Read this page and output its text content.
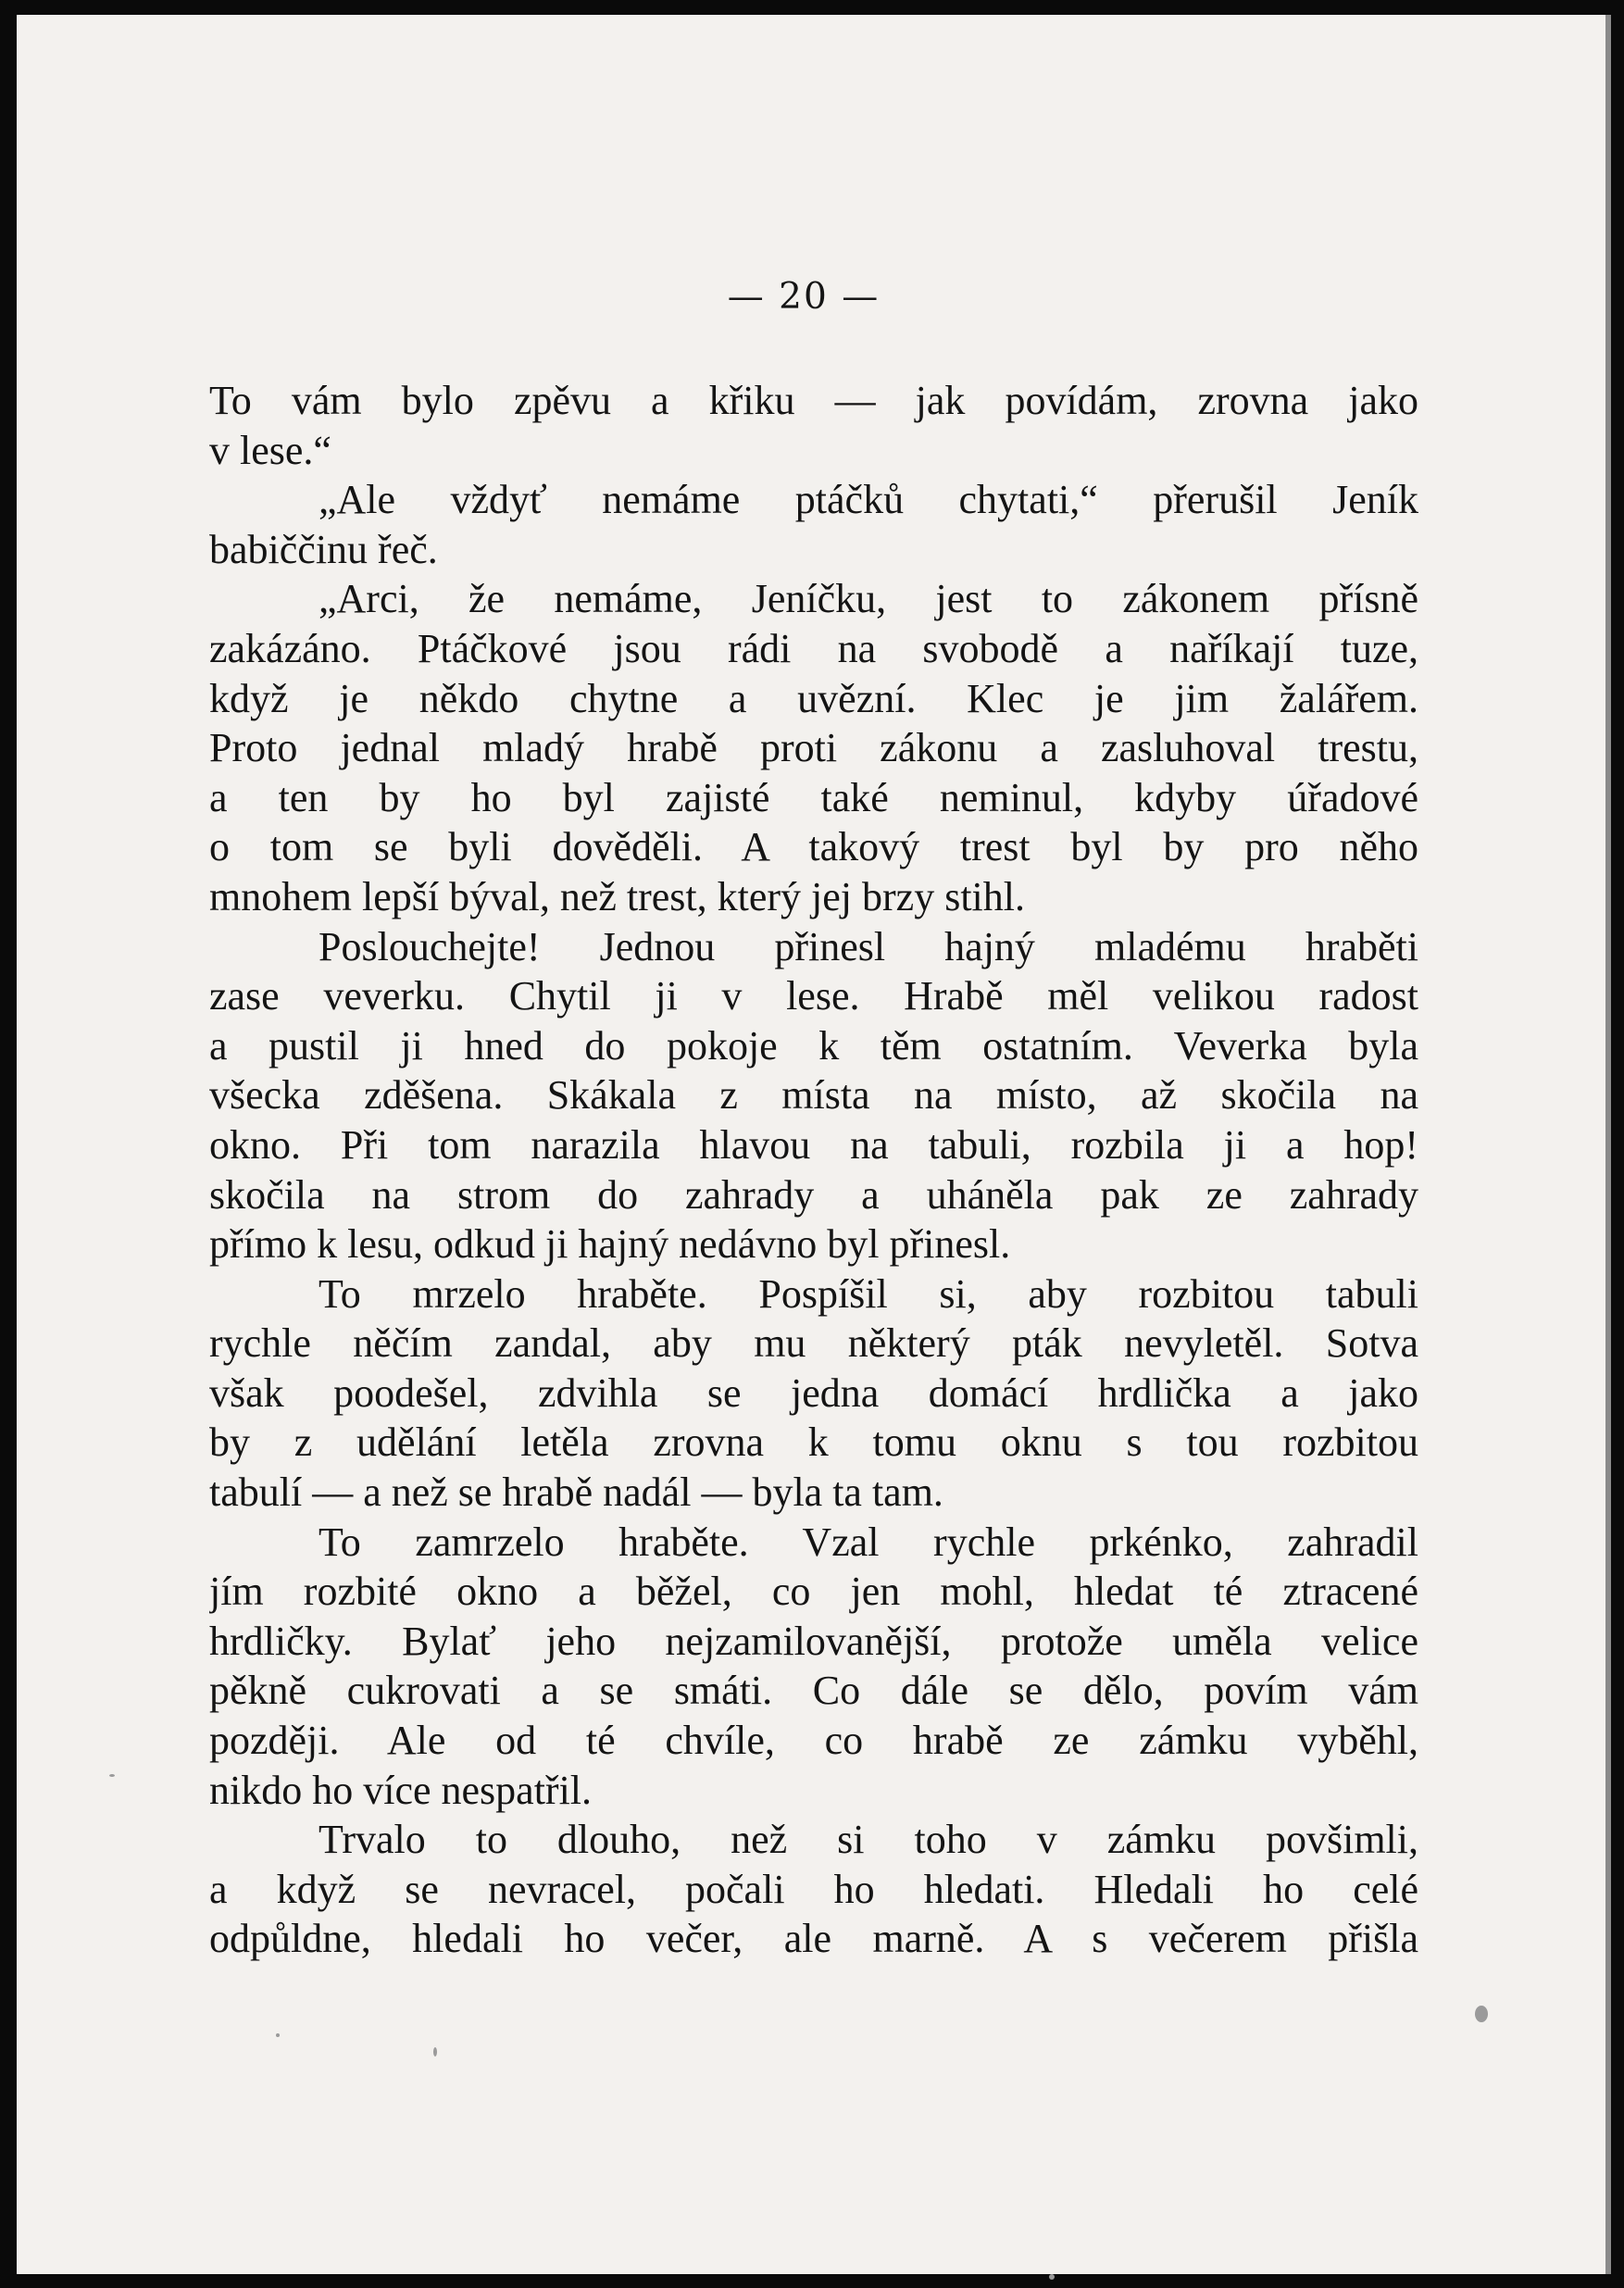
— 20 —
To vám bylo zpěvu a křiku — jak povídám, zrovna jako
v lese.“
„Ale vždyť nemáme ptáčků chytati,“ přerušil Jeník
babiččinu řeč.
„Arci, že nemáme, Jeníčku, jest to zákonem přísně
zakázáno. Ptáčkové jsou rádi na svobodě a naříkají tuze,
když je někdo chytne a uvězní. Klec je jim žalářem.
Proto jednal mladý hrabě proti zákonu a zasluhoval trestu,
a ten by ho byl zajisté také neminul, kdyby úřadové
o tom se byli dověděli. A takový trest byl by pro něho
mnohem lepší býval, než trest, který jej brzy stihl.
Poslouchejte! Jednou přinesl hajný mladému hraběti
zase veverku. Chytil ji v lese. Hrabě měl velikou radost
a pustil ji hned do pokoje k těm ostatním. Veverka byla
všecka zděšena. Skákala z místa na místo, až skočila na
okno. Při tom narazila hlavou na tabuli, rozbila ji a hop!
skočila na strom do zahrady a uháněla pak ze zahrady
přímo k lesu, odkud ji hajný nedávno byl přinesl.
To mrzelo hraběte. Pospíšil si, aby rozbitou tabuli
rychle něčím zandal, aby mu některý pták nevyletěl. Sotva
však poodešel, zdvihla se jedna domácí hrdlička a jako
by z udělání letěla zrovna k tomu oknu s tou rozbitou
tabulí — a než se hrabě nadál — byla ta tam.
To zamrzelo hraběte. Vzal rychle prkénko, zahradil
jím rozbité okno a běžel, co jen mohl, hledat té ztracené
hrdličky. Bylať jeho nejzamilovanější, protože uměla velice
pěkně cukrovati a se smáti. Co dále se dělo, povím vám
později. Ale od té chvíle, co hrabě ze zámku vyběhl,
nikdo ho více nespatřil.
Trvalo to dlouho, než si toho v zámku povšimli,
a když se nevracel, počali ho hledati. Hledali ho celé
odpůldne, hledali ho večer, ale marně. A s večerem přišla
